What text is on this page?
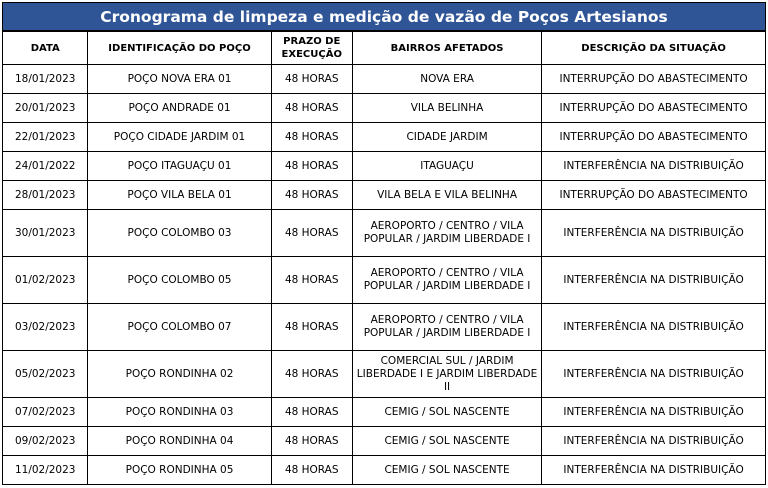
Cronograma de limpeza e medição de vazão de Poços Artesianos
DATA	IDENTIFICAÇÃO DO POÇO	PRAZO DE EXECUÇÃO	BAIRROS AFETADOS	DESCRIÇÃO DA SITUAÇÃO
18/01/2023	POÇO NOVA ERA 01	48 HORAS	NOVA ERA	INTERRUPÇÃO DO ABASTECIMENTO
20/01/2023	POÇO ANDRADE 01	48 HORAS	VILA BELINHA	INTERRUPÇÃO DO ABASTECIMENTO
22/01/2023	POÇO CIDADE JARDIM 01	48 HORAS	CIDADE JARDIM	INTERRUPÇÃO DO ABASTECIMENTO
24/01/2022	POÇO ITAGUAÇU 01	48 HORAS	ITAGUAÇU	INTERFERÊNCIA NA DISTRIBUIÇÃO
28/01/2023	POÇO VILA BELA 01	48 HORAS	VILA BELA E VILA BELINHA	INTERRUPÇÃO DO ABASTECIMENTO
30/01/2023	POÇO COLOMBO 03	48 HORAS	AEROPORTO / CENTRO / VILA POPULAR / JARDIM LIBERDADE I	INTERFERÊNCIA NA DISTRIBUIÇÃO
01/02/2023	POÇO COLOMBO 05	48 HORAS	AEROPORTO / CENTRO / VILA POPULAR / JARDIM LIBERDADE I	INTERFERÊNCIA NA DISTRIBUIÇÃO
03/02/2023	POÇO COLOMBO 07	48 HORAS	AEROPORTO / CENTRO / VILA POPULAR / JARDIM LIBERDADE I	INTERFERÊNCIA NA DISTRIBUIÇÃO
05/02/2023	POÇO RONDINHA 02	48 HORAS	COMERCIAL SUL / JARDIM LIBERDADE I E JARDIM LIBERDADE II	INTERFERÊNCIA NA DISTRIBUIÇÃO
07/02/2023	POÇO RONDINHA 03	48 HORAS	CEMIG / SOL NASCENTE	INTERFERÊNCIA NA DISTRIBUIÇÃO
09/02/2023	POÇO RONDINHA 04	48 HORAS	CEMIG / SOL NASCENTE	INTERFERÊNCIA NA DISTRIBUIÇÃO
11/02/2023	POÇO RONDINHA 05	48 HORAS	CEMIG / SOL NASCENTE	INTERFERÊNCIA NA DISTRIBUIÇÃO
